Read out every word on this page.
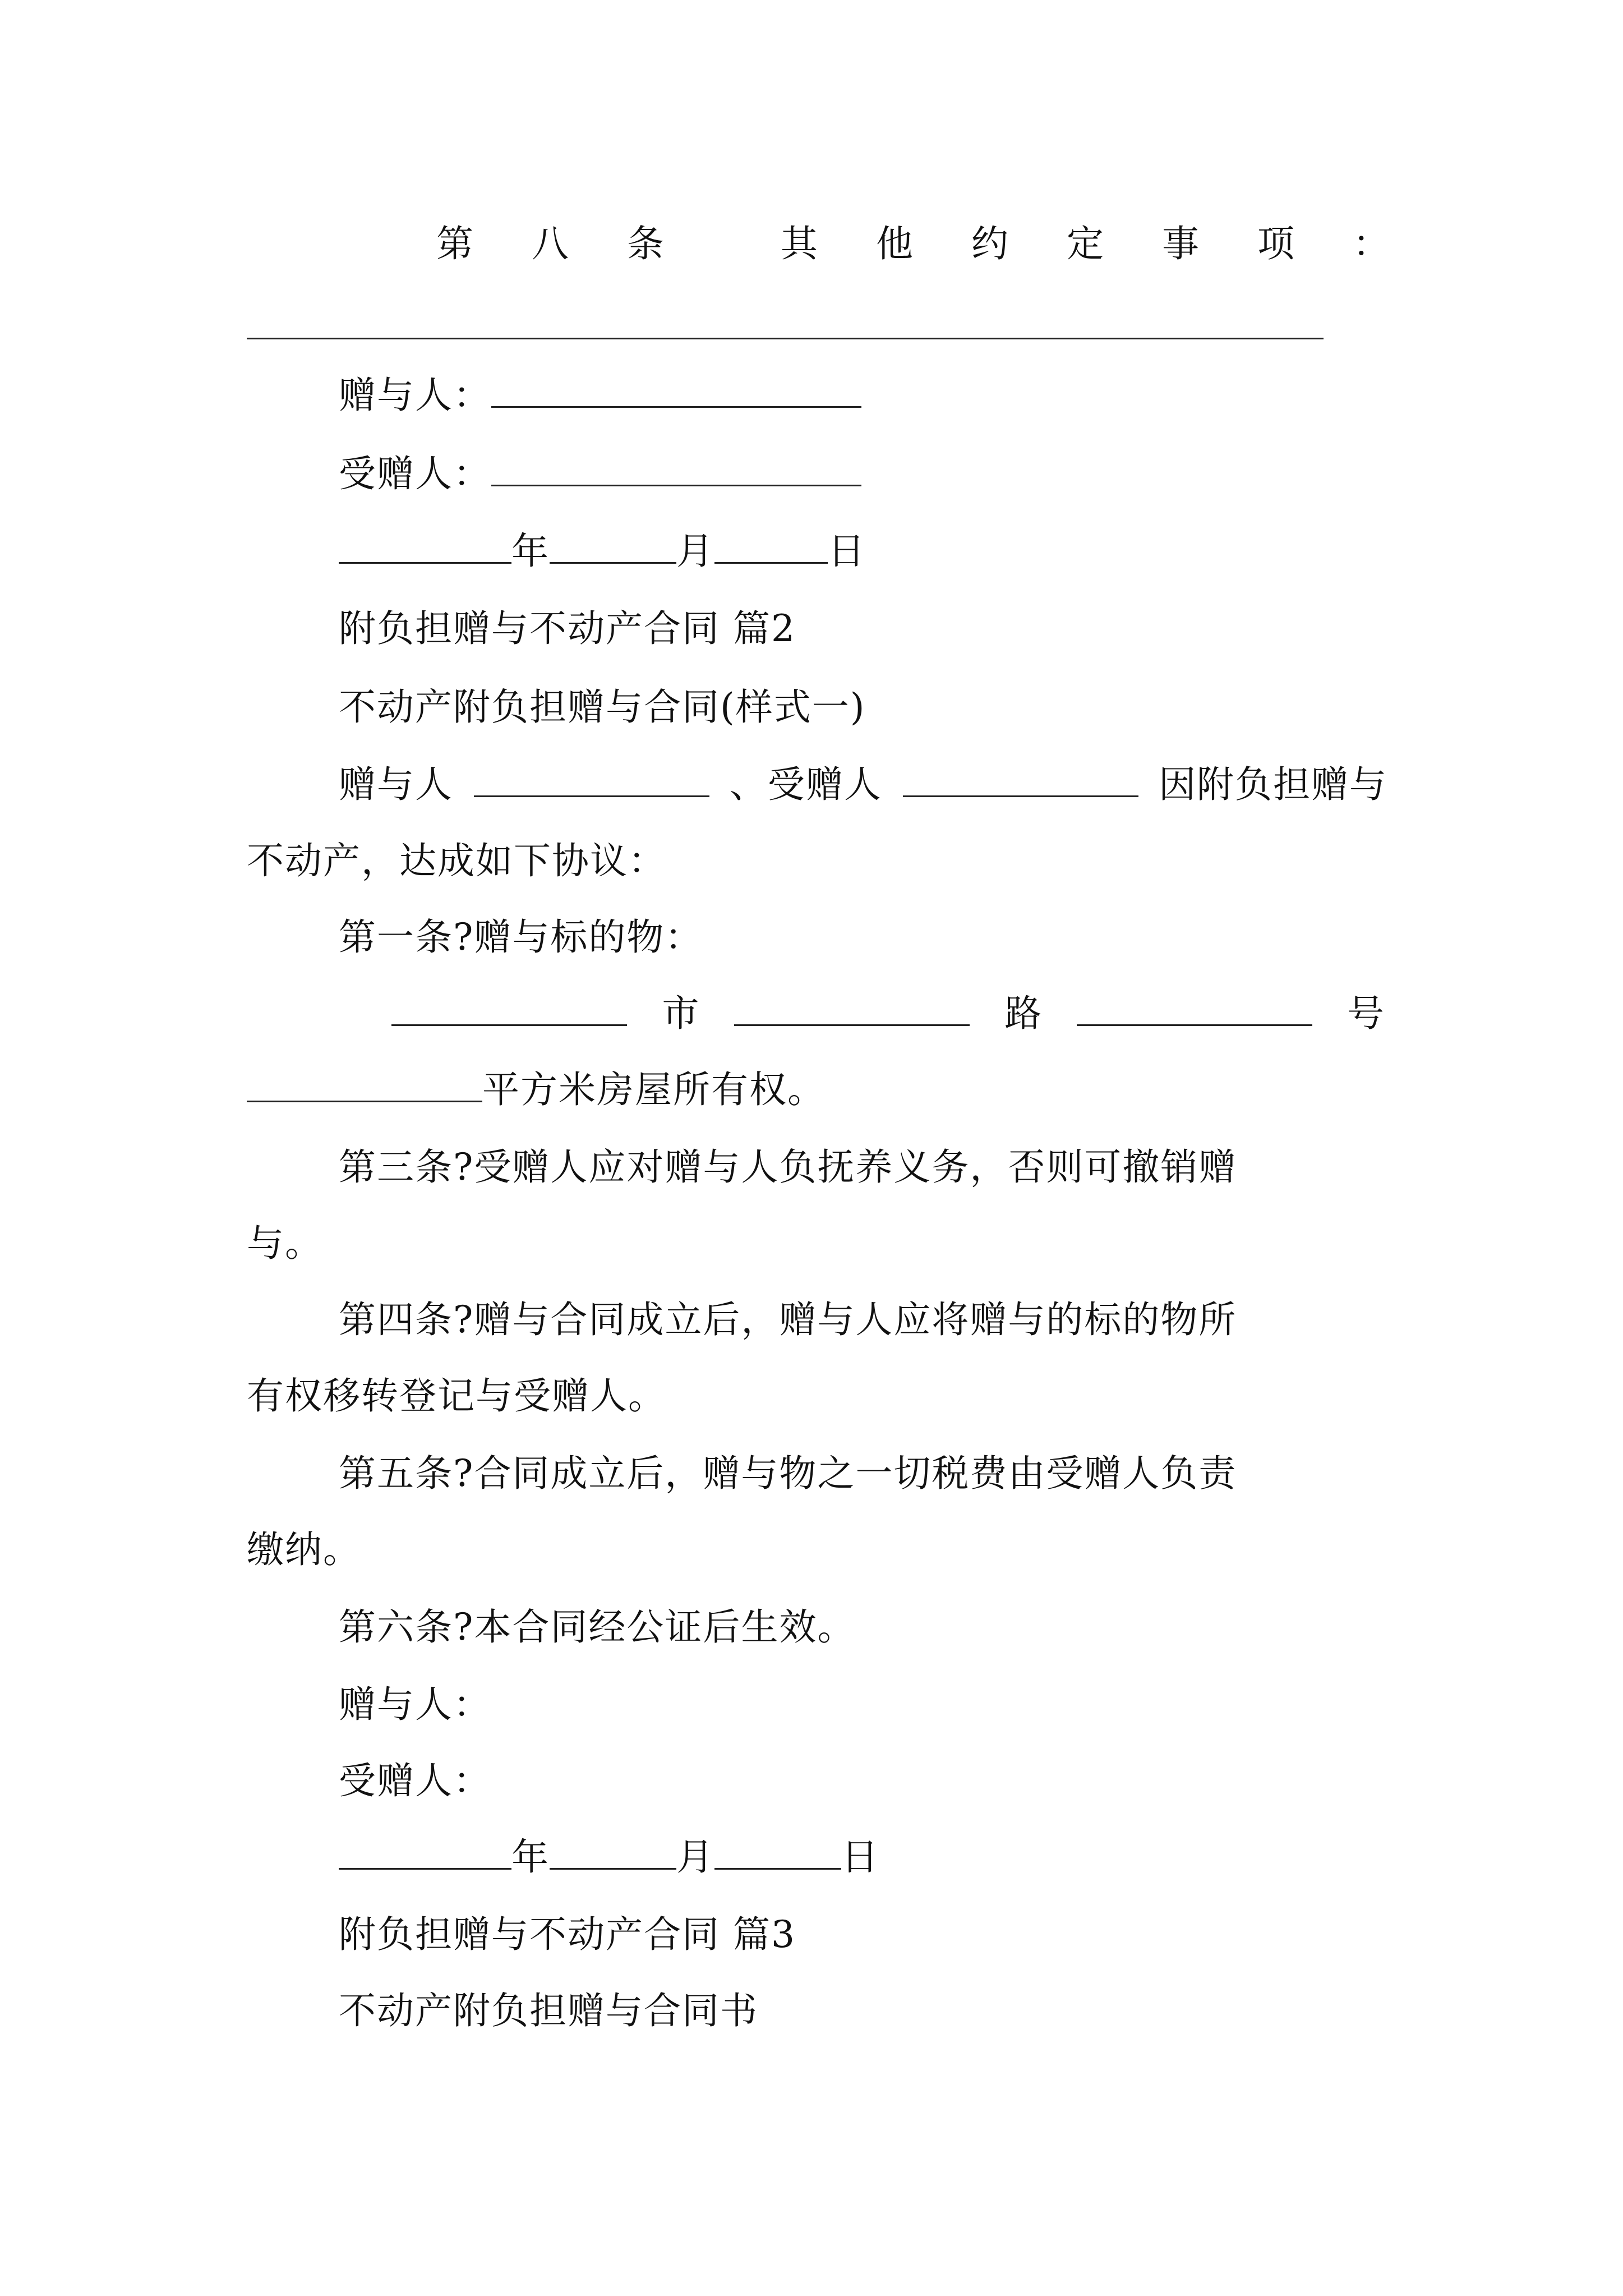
第 八 条	其 他 约 定 事 项 ：
赠与人：
受赠人：
年	月	日
附负担赠与不动产合同 篇2
不动产附负担赠与合同(样式一)
赠与人	、受赠人	因附负担赠与
不动产，达成如下协议：
第一条?赠与标的物：
市	路	号
平方米房屋所有权。
第三条?受赠人应对赠与人负抚养义务，否则可撤销赠
与。
第四条?赠与合同成立后，赠与人应将赠与的标的物所
有权移转登记与受赠人。
第五条?合同成立后，赠与物之一切税费由受赠人负责
缴纳。
第六条?本合同经公证后生效。
赠与人：
受赠人：
年	月	日
附负担赠与不动产合同 篇3
不动产附负担赠与合同书
